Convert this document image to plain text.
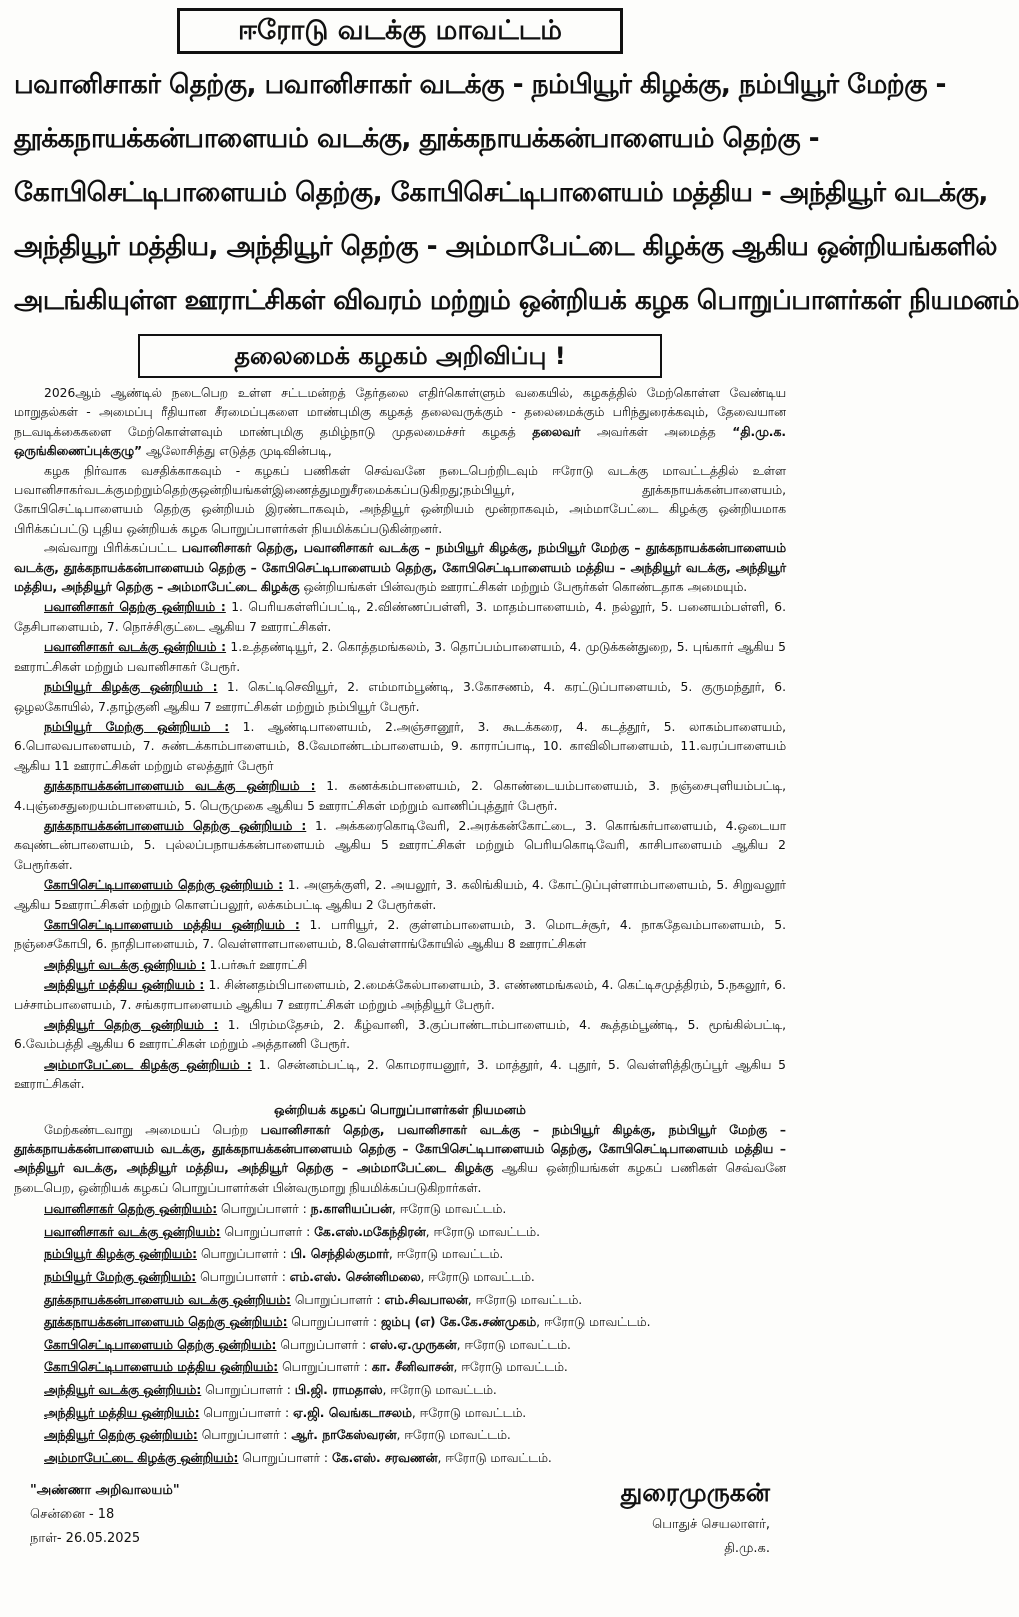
ஈரோடு வடக்கு மாவட்டம்
பவானிசாகர் தெற்கு, பவானிசாகர் வடக்கு - நம்பியூர் கிழக்கு, நம்பியூர் மேற்கு -
தூக்கநாயக்கன்பாளையம் வடக்கு, தூக்கநாயக்கன்பாளையம் தெற்கு -
கோபிசெட்டிபாளையம் தெற்கு, கோபிசெட்டிபாளையம் மத்திய - அந்தியூர் வடக்கு,
அந்தியூர் மத்திய, அந்தியூர் தெற்கு - அம்மாபேட்டை கிழக்கு ஆகிய ஒன்றியங்களில்
அடங்கியுள்ள ஊராட்சிகள் விவரம் மற்றும் ஒன்றியக் கழக பொறுப்பாளர்கள் நியமனம்
தலைமைக் கழகம் அறிவிப்பு !

2026ஆம் ஆண்டில் நடைபெற உள்ள சட்டமன்றத் தேர்தலை எதிர்கொள்ளும் வகையில், கழகத்தில் மேற்கொள்ள வேண்டிய மாறுதல்கள் - அமைப்பு ரீதியான சீரமைப்புகளை மாண்புமிகு கழகத் தலைவருக்கும் - தலைமைக்கும் பரிந்துரைக்கவும், தேவையான நடவடிக்கைகளை மேற்கொள்ளவும் மாண்புமிகு தமிழ்நாடு முதலமைச்சர் கழகத் தலைவர் அவர்கள் அமைத்த “தி.மு.க. ஒருங்கிணைப்புக்குழு” ஆலோசித்து எடுத்த முடிவின்படி,

கழக நிர்வாக வசதிக்காகவும் - கழகப் பணிகள் செவ்வனே நடைபெற்றிடவும் ஈரோடு வடக்கு மாவட்டத்தில் உள்ள பவானிசாகர்வடக்குமற்றும்தெற்குஒன்றியங்கள்இணைத்துமறுசீரமைக்கப்படுகிறது;நம்பியூர், தூக்கநாயக்கன்பாளையம், கோபிசெட்டிபாளையம் தெற்கு ஒன்றியம் இரண்டாகவும், அந்தியூர் ஒன்றியம் மூன்றாகவும், அம்மாபேட்டை கிழக்கு ஒன்றியமாக பிரிக்கப்பட்டு புதிய ஒன்றியக் கழக பொறுப்பாளர்கள் நியமிக்கப்படுகின்றனர்.

அவ்வாறு பிரிக்கப்பட்ட பவானிசாகர் தெற்கு, பவானிசாகர் வடக்கு – நம்பியூர் கிழக்கு, நம்பியூர் மேற்கு – தூக்கநாயக்கன்பாளையம் வடக்கு, தூக்கநாயக்கன்பாளையம் தெற்கு – கோபிசெட்டிபாளையம் தெற்கு, கோபிசெட்டிபாளையம் மத்திய – அந்தியூர் வடக்கு, அந்தியூர் மத்திய, அந்தியூர் தெற்கு – அம்மாபேட்டை கிழக்கு ஒன்றியங்கள் பின்வரும் ஊராட்சிகள் மற்றும் பேரூர்கள் கொண்டதாக அமையும்.

பவானிசாகர் தெற்கு ஒன்றியம் : 1. பெரியகள்ளிப்பட்டி, 2.விண்ணப்பள்ளி, 3. மாதம்பாளையம், 4. நல்லூர், 5. பனையம்பள்ளி, 6. தேசிபாளையம், 7. நொச்சிகுட்டை ஆகிய 7 ஊராட்சிகள்.

பவானிசாகர் வடக்கு ஒன்றியம் : 1.உத்தண்டியூர், 2. கொத்தமங்கலம், 3. தொப்பம்பாளையம், 4. முடுக்கன்துறை, 5. புங்கார் ஆகிய 5 ஊராட்சிகள் மற்றும் பவானிசாகர் பேரூர்.

நம்பியூர் கிழக்கு ஒன்றியம் : 1. கெட்டிசெவியூர், 2. எம்மாம்பூண்டி, 3.கோசணம், 4. கரட்டுப்பாளையம், 5. குருமந்தூர், 6. ஒழலகோயில், 7.தாழ்குனி ஆகிய 7 ஊராட்சிகள் மற்றும் நம்பியூர் பேரூர்.

நம்பியூர் மேற்கு ஒன்றியம் : 1. ஆண்டிபாளையம், 2.அஞ்சானூர், 3. கூடக்கரை, 4. கடத்தூர், 5. லாகம்பாளையம், 6.பொலவபாளையம், 7. சுண்டக்காம்பாளையம், 8.வேமாண்டம்பாளையம், 9. காராப்பாடி, 10. காவிலிபாளையம், 11.வரப்பாளையம் ஆகிய 11 ஊராட்சிகள் மற்றும் எலத்தூர் பேரூர்

தூக்கநாயக்கன்பாளையம் வடக்கு ஒன்றியம் : 1. கணக்கம்பாளையம், 2. கொண்டையம்பாளையம், 3. நஞ்சைபுளியம்பட்டி, 4.புஞ்சைதுறையம்பாளையம், 5. பெருமுகை ஆகிய 5 ஊராட்சிகள் மற்றும் வாணிப்புத்தூர் பேரூர்.

தூக்கநாயக்கன்பாளையம் தெற்கு ஒன்றியம் : 1. அக்கரைகொடிவேரி, 2.அரக்கன்கோட்டை, 3. கொங்கர்பாளையம், 4.ஒடையா கவுண்டன்பாளையம், 5. புல்லப்பநாயக்கன்பாளையம் ஆகிய 5 ஊராட்சிகள் மற்றும் பெரியகொடிவேரி, காசிபாளையம் ஆகிய 2 பேரூர்கள்.

கோபிசெட்டிபாளையம் தெற்கு ஒன்றியம் : 1. அளுக்குளி, 2. அயலூர், 3. கலிங்கியம், 4. கோட்டுப்புள்ளாம்பாளையம், 5. சிறுவலூர் ஆகிய 5ஊராட்சிகள் மற்றும் கொளப்பலூர், லக்கம்பட்டி ஆகிய 2 பேரூர்கள்.

கோபிசெட்டிபாளையம் மத்திய ஒன்றியம் : 1. பாரியூர், 2. குள்ளம்பாளையம், 3. மொடச்சூர், 4. நாகதேவம்பாளையம், 5. நஞ்சைகோபி, 6. நாதிபாளையம், 7. வெள்ளாளபாளையம், 8.வெள்ளாங்கோயில் ஆகிய 8 ஊராட்சிகள்

அந்தியூர் வடக்கு ஒன்றியம் : 1.பர்கூர் ஊராட்சி

அந்தியூர் மத்திய ஒன்றியம் : 1. சின்னதம்பிபாளையம், 2.மைக்கேல்பாளையம், 3. எண்ணமங்கலம், 4. கெட்டிசமுத்திரம், 5.நகலூர், 6. பச்சாம்பாளையம், 7. சங்கராபாளையம் ஆகிய 7 ஊராட்சிகள் மற்றும் அந்தியூர் பேரூர்.

அந்தியூர் தெற்கு ஒன்றியம் : 1. பிரம்மதேசம், 2. கீழ்வானி, 3.குப்பாண்டாம்பாளையம், 4. கூத்தம்பூண்டி, 5. மூங்கில்பட்டி, 6.வேம்பத்தி ஆகிய 6 ஊராட்சிகள் மற்றும் அத்தாணி பேரூர்.

அம்மாபேட்டை கிழக்கு ஒன்றியம் : 1. சென்னம்பட்டி, 2. கொமராயனூர், 3. மாத்தூர், 4. புதூர், 5. வெள்ளித்திருப்பூர் ஆகிய 5 ஊராட்சிகள்.

ஒன்றியக் கழகப் பொறுப்பாளர்கள் நியமனம்

மேற்கண்டவாறு அமையப் பெற்ற பவானிசாகர் தெற்கு, பவானிசாகர் வடக்கு – நம்பியூர் கிழக்கு, நம்பியூர் மேற்கு – தூக்கநாயக்கன்பாளையம் வடக்கு, தூக்கநாயக்கன்பாளையம் தெற்கு – கோபிசெட்டிபாளையம் தெற்கு, கோபிசெட்டிபாளையம் மத்திய – அந்தியூர் வடக்கு, அந்தியூர் மத்திய, அந்தியூர் தெற்கு – அம்மாபேட்டை கிழக்கு ஆகிய ஒன்றியங்கள் கழகப் பணிகள் செவ்வனே நடைபெற, ஒன்றியக் கழகப் பொறுப்பாளர்கள் பின்வருமாறு நியமிக்கப்படுகிறார்கள்.

பவானிசாகர் தெற்கு ஒன்றியம்: பொறுப்பாளர் : ந.காளியப்பன், ஈரோடு மாவட்டம்.
பவானிசாகர் வடக்கு ஒன்றியம்: பொறுப்பாளர் : கே.எஸ்.மகேந்திரன், ஈரோடு மாவட்டம்.
நம்பியூர் கிழக்கு ஒன்றியம்: பொறுப்பாளர் : பி. செந்தில்குமார், ஈரோடு மாவட்டம்.
நம்பியூர் மேற்கு ஒன்றியம்: பொறுப்பாளர் : எம்.எஸ். சென்னிமலை, ஈரோடு மாவட்டம்.
தூக்கநாயக்கன்பாளையம் வடக்கு ஒன்றியம்: பொறுப்பாளர் : எம்.சிவபாலன், ஈரோடு மாவட்டம்.
தூக்கநாயக்கன்பாளையம் தெற்கு ஒன்றியம்: பொறுப்பாளர் : ஜம்பு (எ) கே.கே.சண்முகம், ஈரோடு மாவட்டம்.
கோபிசெட்டிபாளையம் தெற்கு ஒன்றியம்: பொறுப்பாளர் : எஸ்.ஏ.முருகன், ஈரோடு மாவட்டம்.
கோபிசெட்டிபாளையம் மத்திய ஒன்றியம்: பொறுப்பாளர் : கா. சீனிவாசன், ஈரோடு மாவட்டம்.
அந்தியூர் வடக்கு ஒன்றியம்: பொறுப்பாளர் : பி.ஜி. ராமதாஸ், ஈரோடு மாவட்டம்.
அந்தியூர் மத்திய ஒன்றியம்: பொறுப்பாளர் : ஏ.ஜி. வெங்கடாசலம், ஈரோடு மாவட்டம்.
அந்தியூர் தெற்கு ஒன்றியம்: பொறுப்பாளர் : ஆர். நாகேஸ்வரன், ஈரோடு மாவட்டம்.
அம்மாபேட்டை கிழக்கு ஒன்றியம்: பொறுப்பாளர் : கே.எஸ். சரவணன், ஈரோடு மாவட்டம்.
"அண்ணா அறிவாலயம்"
சென்னை - 18
நாள்- 26.05.2025
துரைமுருகன்
பொதுச் செயலாளர்,
தி.மு.க.
